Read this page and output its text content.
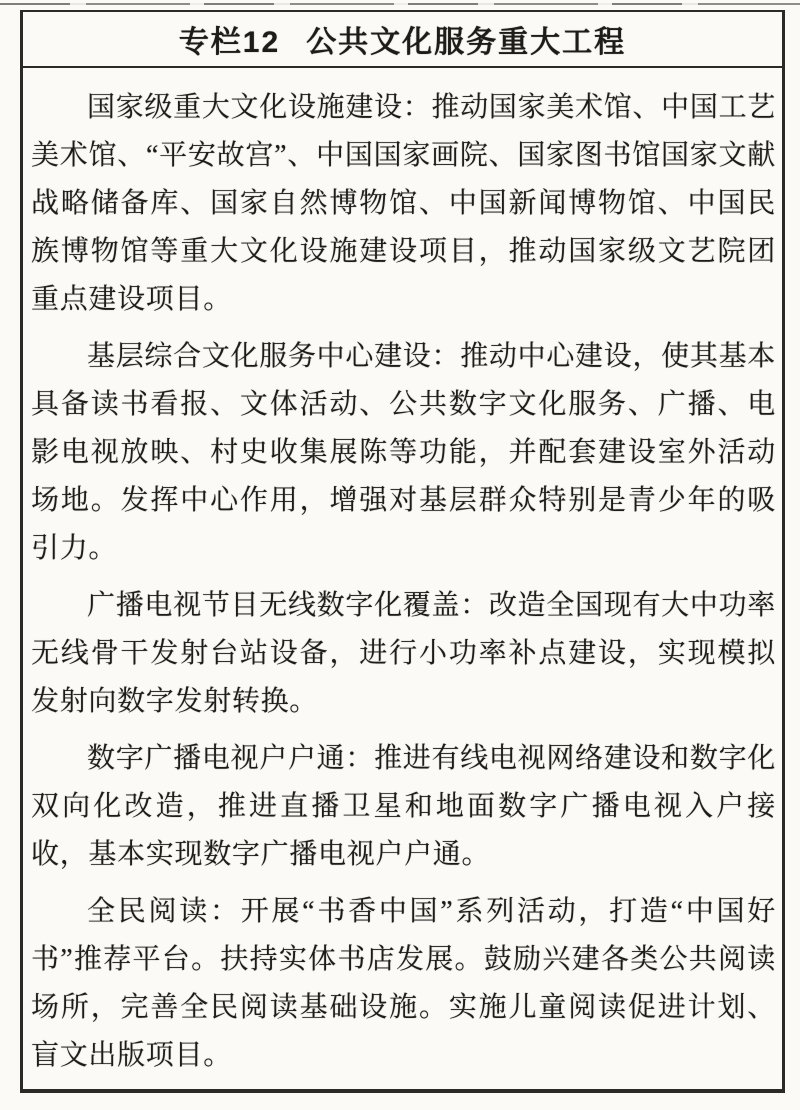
专栏12 公共文化服务重大工程

国家级重大文化设施建设：推动国家美术馆、中国工艺美术馆、“平安故宫”、中国国家画院、国家图书馆国家文献战略储备库、国家自然博物馆、中国新闻博物馆、中国民族博物馆等重大文化设施建设项目，推动国家级文艺院团重点建设项目。

基层综合文化服务中心建设：推动中心建设，使其基本具备读书看报、文体活动、公共数字文化服务、广播、电影电视放映、村史收集展陈等功能，并配套建设室外活动场地。发挥中心作用，增强对基层群众特别是青少年的吸引力。

广播电视节目无线数字化覆盖：改造全国现有大中功率无线骨干发射台站设备，进行小功率补点建设，实现模拟发射向数字发射转换。

数字广播电视户户通：推进有线电视网络建设和数字化双向化改造，推进直播卫星和地面数字广播电视入户接收，基本实现数字广播电视户户通。

全民阅读：开展“书香中国”系列活动，打造“中国好书”推荐平台。扶持实体书店发展。鼓励兴建各类公共阅读场所，完善全民阅读基础设施。实施儿童阅读促进计划、盲文出版项目。
